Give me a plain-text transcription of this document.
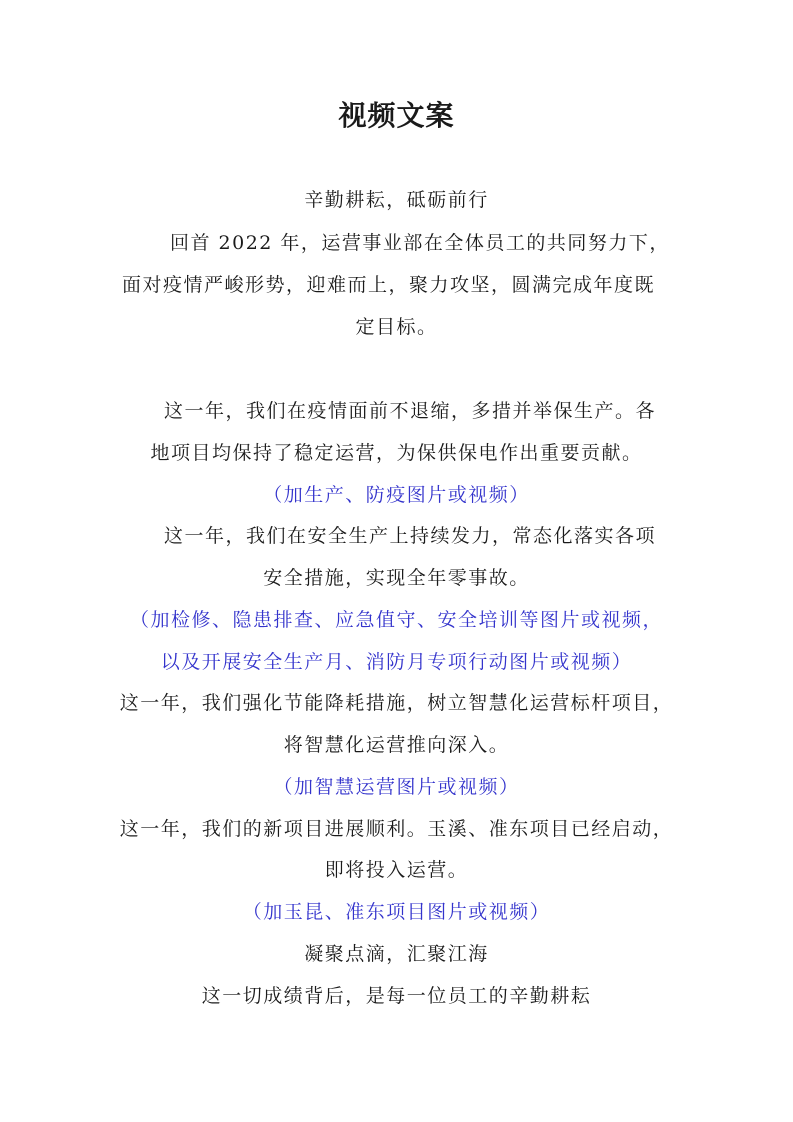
视频文案
辛勤耕耘，砥砺前行
回首 2022 年，运营事业部在全体员工的共同努力下，
面对疫情严峻形势，迎难而上，聚力攻坚，圆满完成年度既
定目标。
这一年，我们在疫情面前不退缩，多措并举保生产。各
地项目均保持了稳定运营，为保供保电作出重要贡献。
（加生产、防疫图片或视频）
这一年，我们在安全生产上持续发力，常态化落实各项
安全措施，实现全年零事故。
（加检修、隐患排查、应急值守、安全培训等图片或视频，
以及开展安全生产月、消防月专项行动图片或视频）
这一年，我们强化节能降耗措施，树立智慧化运营标杆项目，
将智慧化运营推向深入。
（加智慧运营图片或视频）
这一年，我们的新项目进展顺利。玉溪、准东项目已经启动，
即将投入运营。
（加玉昆、准东项目图片或视频）
凝聚点滴，汇聚江海
这一切成绩背后，是每一位员工的辛勤耕耘
